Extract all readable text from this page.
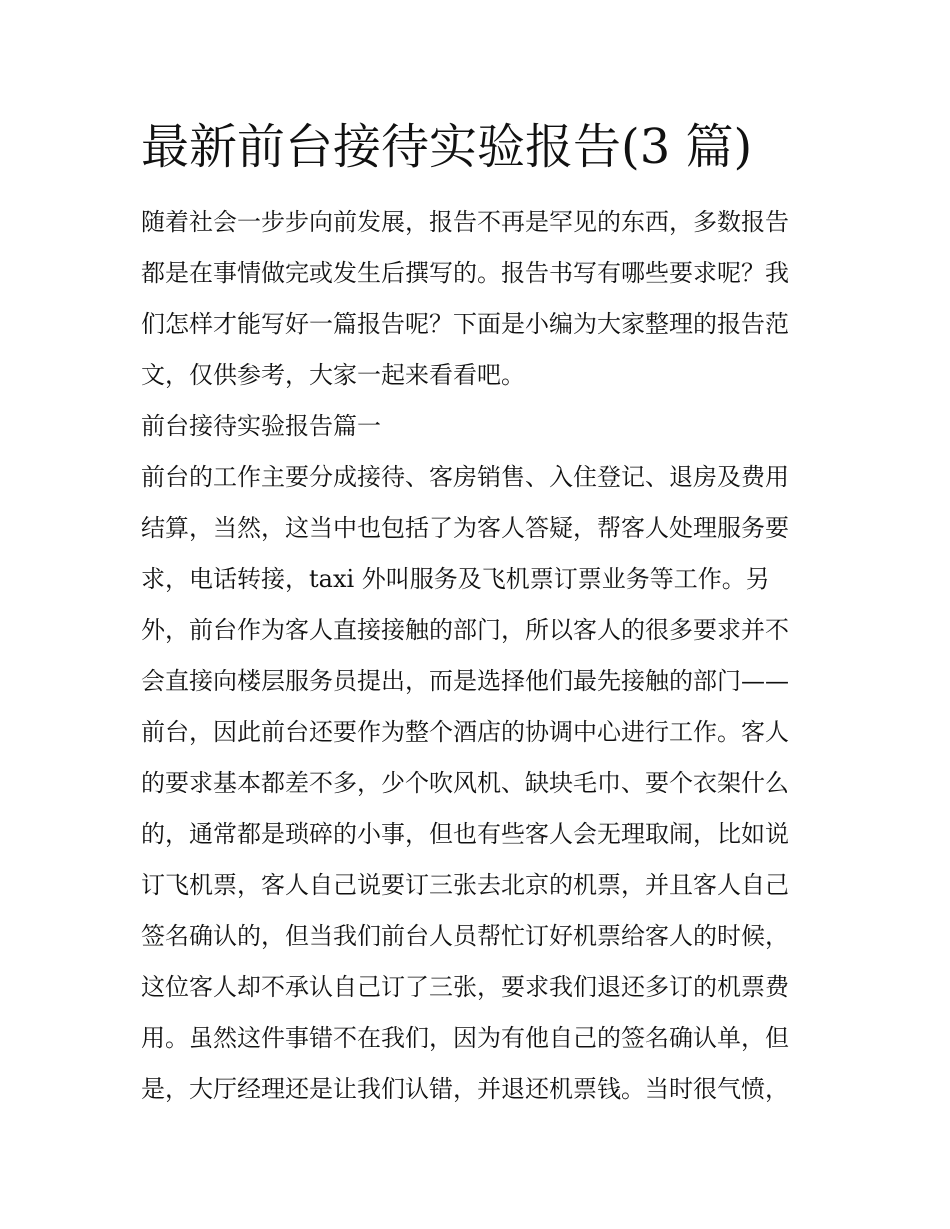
最新前台接待实验报告(3 篇)

随着社会一步步向前发展，报告不再是罕见的东西，多数报告

都是在事情做完或发生后撰写的。报告书写有哪些要求呢？我

们怎样才能写好一篇报告呢？下面是小编为大家整理的报告范

文，仅供参考，大家一起来看看吧。

前台接待实验报告篇一

前台的工作主要分成接待、客房销售、入住登记、退房及费用

结算，当然，这当中也包括了为客人答疑，帮客人处理服务要

求，电话转接，taxi 外叫服务及飞机票订票业务等工作。另

外，前台作为客人直接接触的部门，所以客人的很多要求并不

会直接向楼层服务员提出，而是选择他们最先接触的部门——

前台，因此前台还要作为整个酒店的协调中心进行工作。客人

的要求基本都差不多，少个吹风机、缺块毛巾、要个衣架什么

的，通常都是琐碎的小事，但也有些客人会无理取闹，比如说

订飞机票，客人自己说要订三张去北京的机票，并且客人自己

签名确认的，但当我们前台人员帮忙订好机票给客人的时候，

这位客人却不承认自己订了三张，要求我们退还多订的机票费

用。虽然这件事错不在我们，因为有他自己的签名确认单，但

是，大厅经理还是让我们认错，并退还机票钱。当时很气愤，
